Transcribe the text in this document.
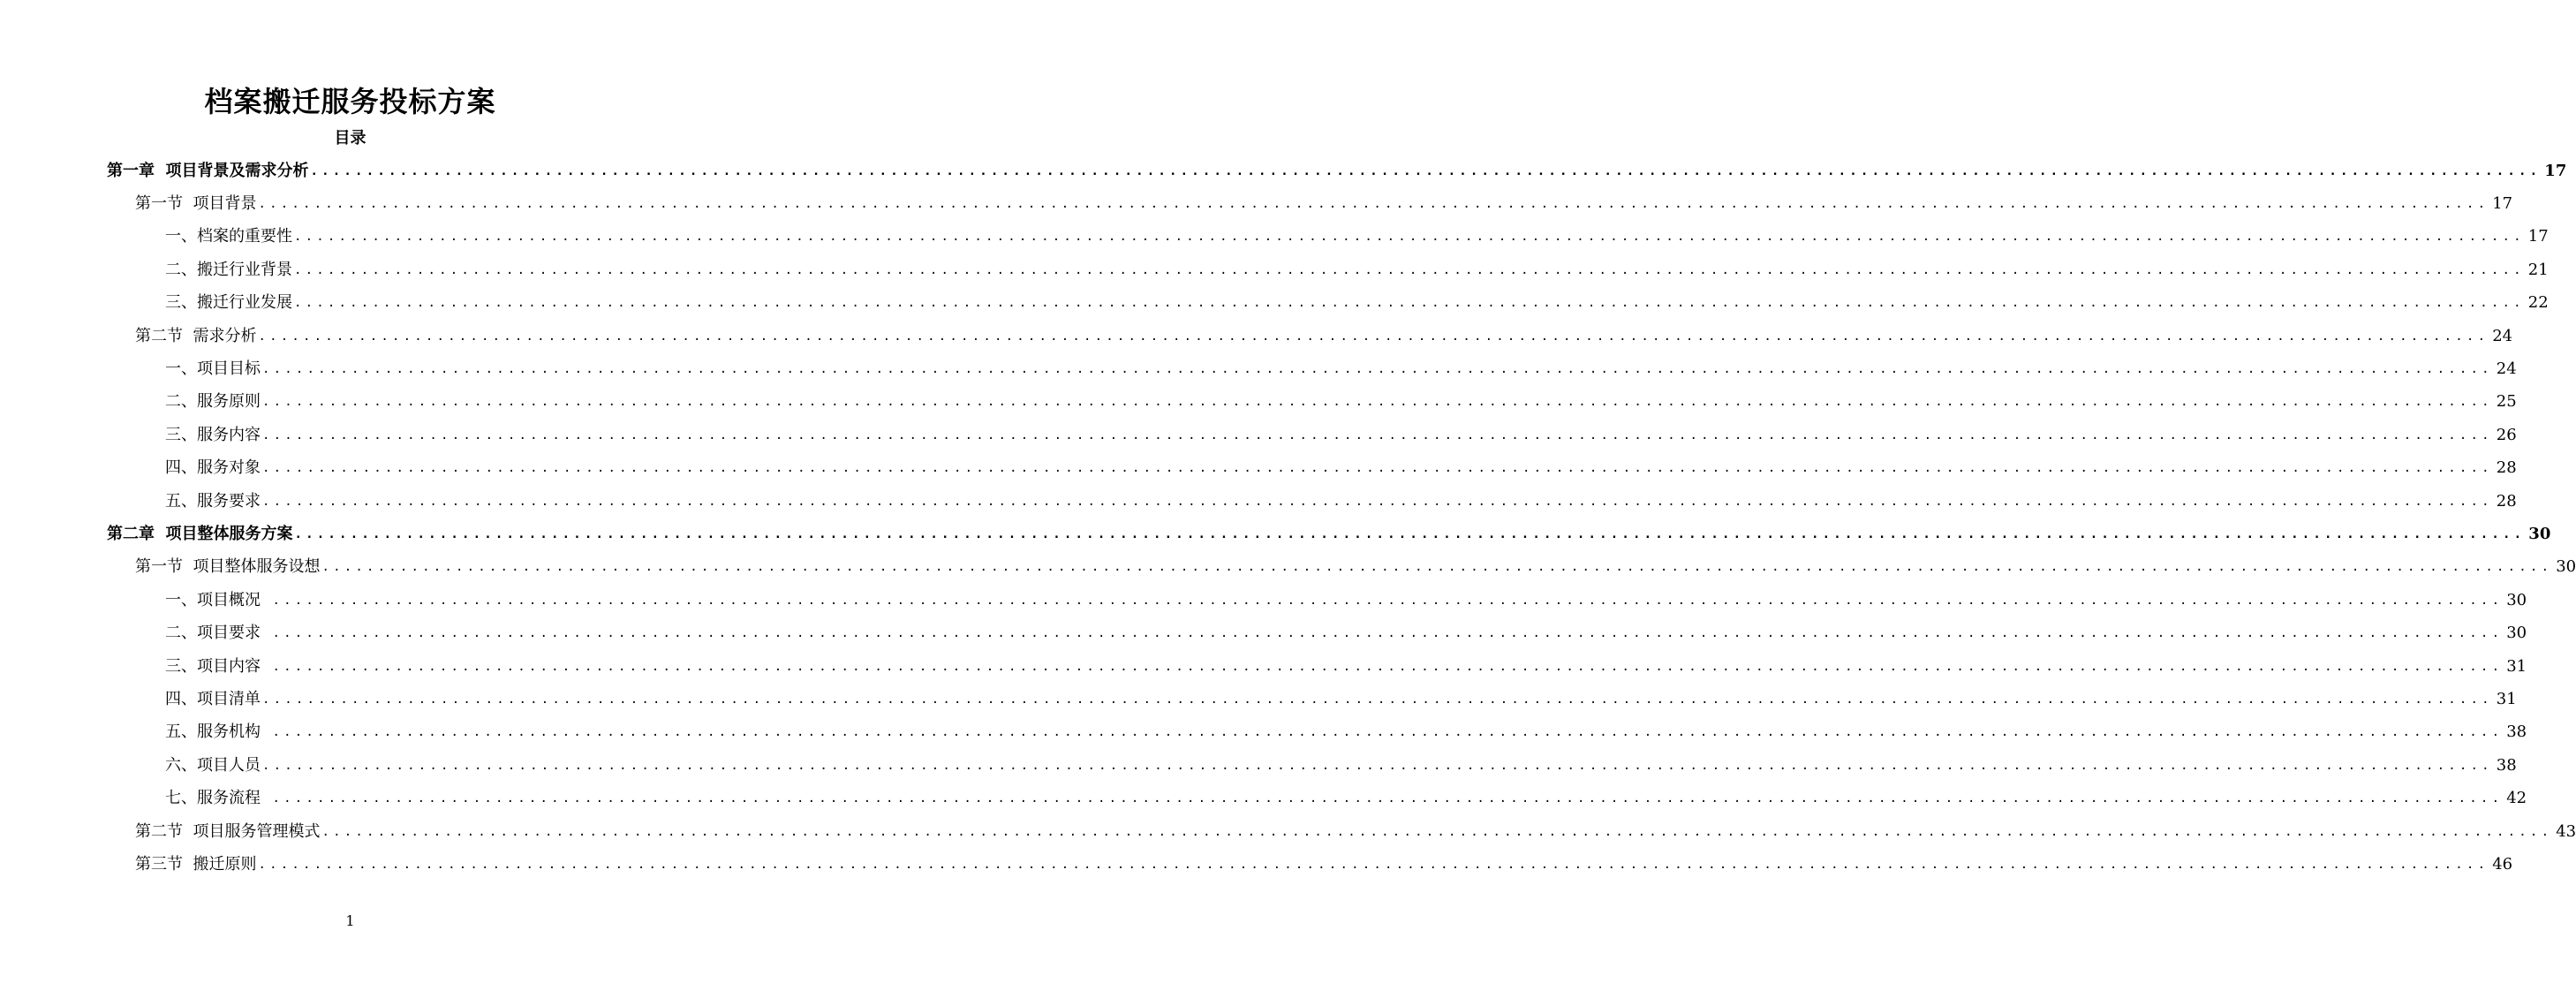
档案搬迁服务投标方案
目录
第一章  项目背景及需求分析 ........................................................................................................................................................................................................ 17
第一节  项目背景 ........................................................................................................................................................................................................ 17
一、档案的重要性 ........................................................................................................................................................................................................ 17
二、搬迁行业背景 ........................................................................................................................................................................................................ 21
三、搬迁行业发展 ........................................................................................................................................................................................................ 22
第二节  需求分析 ........................................................................................................................................................................................................ 24
一、项目目标 ........................................................................................................................................................................................................ 24
二、服务原则 ........................................................................................................................................................................................................ 25
三、服务内容 ........................................................................................................................................................................................................ 26
四、服务对象 ........................................................................................................................................................................................................ 28
五、服务要求 ........................................................................................................................................................................................................ 28
第二章  项目整体服务方案 ........................................................................................................................................................................................................ 30
第一节  项目整体服务设想 ........................................................................................................................................................................................................ 30
一、项目概况 ........................................................................................................................................................................................................ 30
二、项目要求 ........................................................................................................................................................................................................ 30
三、项目内容 ........................................................................................................................................................................................................ 31
四、项目清单 ........................................................................................................................................................................................................ 31
五、服务机构 ........................................................................................................................................................................................................ 38
六、项目人员 ........................................................................................................................................................................................................ 38
七、服务流程 ........................................................................................................................................................................................................ 42
第二节  项目服务管理模式 ........................................................................................................................................................................................................ 43
第三节  搬迁原则 ........................................................................................................................................................................................................ 46
1
